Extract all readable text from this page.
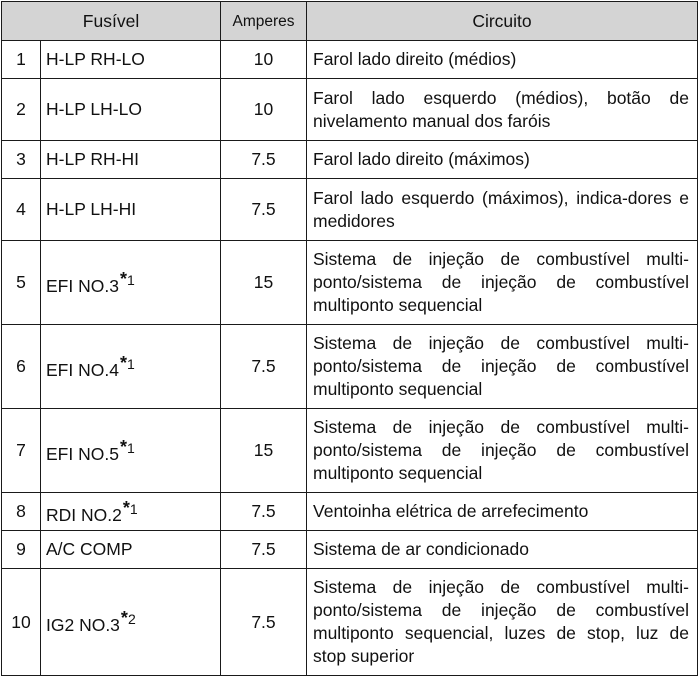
Fusível		Amperes	Circuito
1	H-LP RH-LO	10	Farol lado direito (médios)
2	H-LP LH-LO	10	Farol lado esquerdo (médios), botão de nivelamento manual dos faróis
3	H-LP RH-HI	7.5	Farol lado direito (máximos)
4	H-LP LH-HI	7.5	Farol lado esquerdo (máximos), indica-dores e medidores
5	EFI NO.3$^{*1}$	15	Sistema de injeção de combustível multi-ponto/sistema de injeção de combustível multiponto sequencial
6	EFI NO.4$^{*1}$	7.5	Sistema de injeção de combustível multi-ponto/sistema de injeção de combustível multiponto sequencial
7	EFI NO.5$^{*1}$	15	Sistema de injeção de combustível multi-ponto/sistema de injeção de combustível multiponto sequencial
8	RDI NO.2$^{*1}$	7.5	Ventoinha elétrica de arrefecimento
9	A/C COMP	7.5	Sistema de ar condicionado
10	IG2 NO.3$^{*2}$	7.5	Sistema de injeção de combustível multi-ponto/sistema de injeção de combustível multiponto sequencial, luzes de stop, luz de stop superior
